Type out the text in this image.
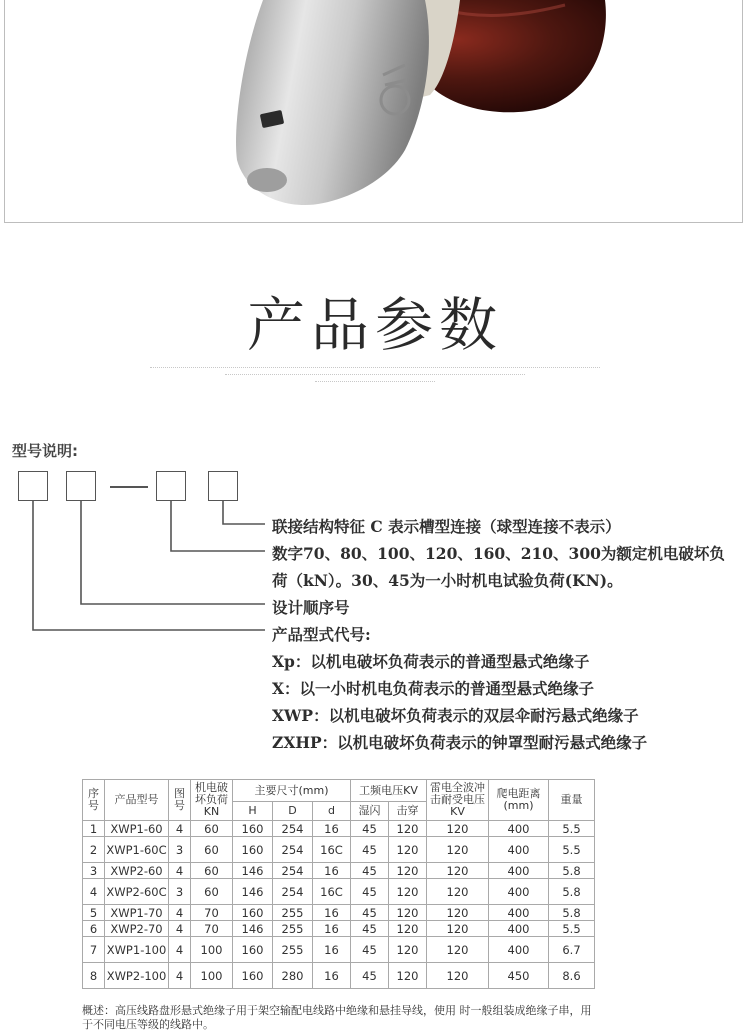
产品参数
型号说明:
联接结构特征 C 表示槽型连接（球型连接不表示）
数字70、80、100、120、160、210、300为额定机电破坏负
荷（kN）。30、45为一小时机电试验负荷(KN)。
设计顺序号
产品型式代号:
Xp：以机电破坏负荷表示的普通型悬式绝缘子
X：以一小时机电负荷表示的普通型悬式绝缘子
XWP：以机电破坏负荷表示的双层伞耐污悬式绝缘子
ZXHP：以机电破坏负荷表示的钟罩型耐污悬式绝缘子
序号	产品型号	图号	机电破坏负荷KN	主要尺寸(mm)			工频电压KV		雷电全波冲击耐受电压KV	爬电距离(mm)	重量
				H	D	d	湿闪	击穿			
1	XWP1-60	4	60	160	254	16	45	120	120	400	5.5
2	XWP1-60C	3	60	160	254	16C	45	120	120	400	5.5
3	XWP2-60	4	60	146	254	16	45	120	120	400	5.8
4	XWP2-60C	3	60	146	254	16C	45	120	120	400	5.8
5	XWP1-70	4	70	160	255	16	45	120	120	400	5.8
6	XWP2-70	4	70	146	255	16	45	120	120	400	5.5
7	XWP1-100	4	100	160	255	16	45	120	120	400	6.7
8	XWP2-100	4	100	160	280	16	45	120	120	450	8.6
概述：高压线路盘形悬式绝缘子用于架空输配电线路中绝缘和悬挂导线，使用 时一般组装成绝缘子串，用于不同电压等级的线路中。
